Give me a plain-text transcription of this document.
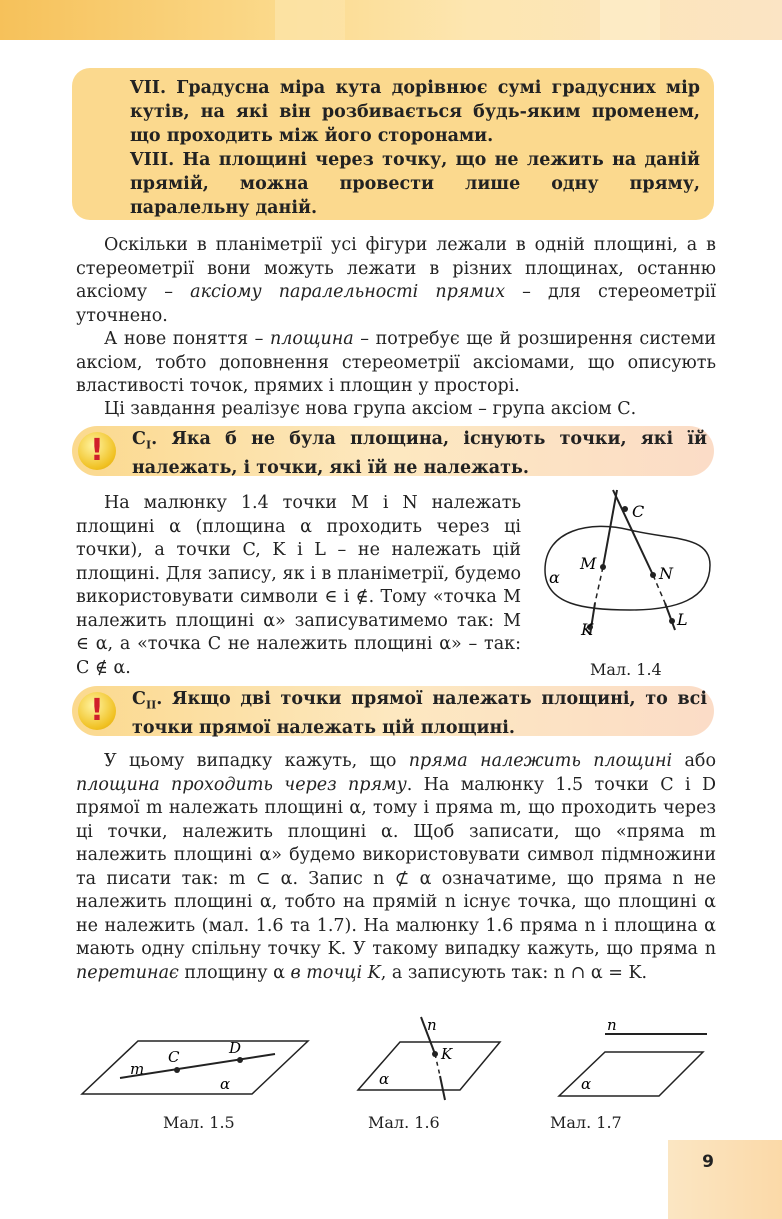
VII. Градусна міра кута дорівнює сумі градусних мір кутів, на які він розбивається будь-яким променем, що проходить між його сторонами.

VIII. На площині через точку, що не лежить на даній прямій, можна провести лише одну пряму, паралельну даній.

Оскільки в планіметрії усі фігури лежали в одній площині, а в стереометрії вони можуть лежати в різних площинах, останню аксіому – аксіому паралельності прямих – для стереометрії уточнено.

А нове поняття – площина – потребує ще й розширення системи аксіом, тобто доповнення стереометрії аксіомами, що описують властивості точок, прямих і площин у просторі.

Ці завдання реалізує нова група аксіом – група аксіом С.

!	$C_I$. Яка б не була площина, існують точки, які їй належать, і точки, які їй не належать.

На малюнку 1.4 точки M і N належать площині α (площина α проходить через ці точки), а точки C, K і L – не належать цій площині. Для запису, як і в планіметрії, будемо використовувати символи ∈ і ∉. Тому «точка M належить площині α» записуватимемо так: M ∈ α, а «точка C не належить площині α» – так: C ∉ α.

C
M
N
K
L
α
Мал. 1.4
!	$C_{II}$. Якщо дві точки прямої належать площині, то всі точки прямої належать цій площині.

У цьому випадку кажуть, що пряма належить площині або площина проходить через пряму. На малюнку 1.5 точки C і D прямої m належать площині α, тому і пряма m, що проходить через ці точки, належить площині α. Щоб записати, що «пряма m належить площині α» будемо використовувати символ підмножини та писати так: m ⊂ α. Запис n ⊄ α означатиме, що пряма n не належить площині α, тобто на прямій n існує точка, що площині α не належить (мал. 1.6 та 1.7). На малюнку 1.6 пряма n і площина α мають одну спільну точку K. У такому випадку кажуть, що пряма n перетинає площину α в точці K, а записують так: n ∩ α = K.

m
C	D
α
Мал. 1.5
n
K
α
Мал. 1.6
n
α
Мал. 1.7
9
